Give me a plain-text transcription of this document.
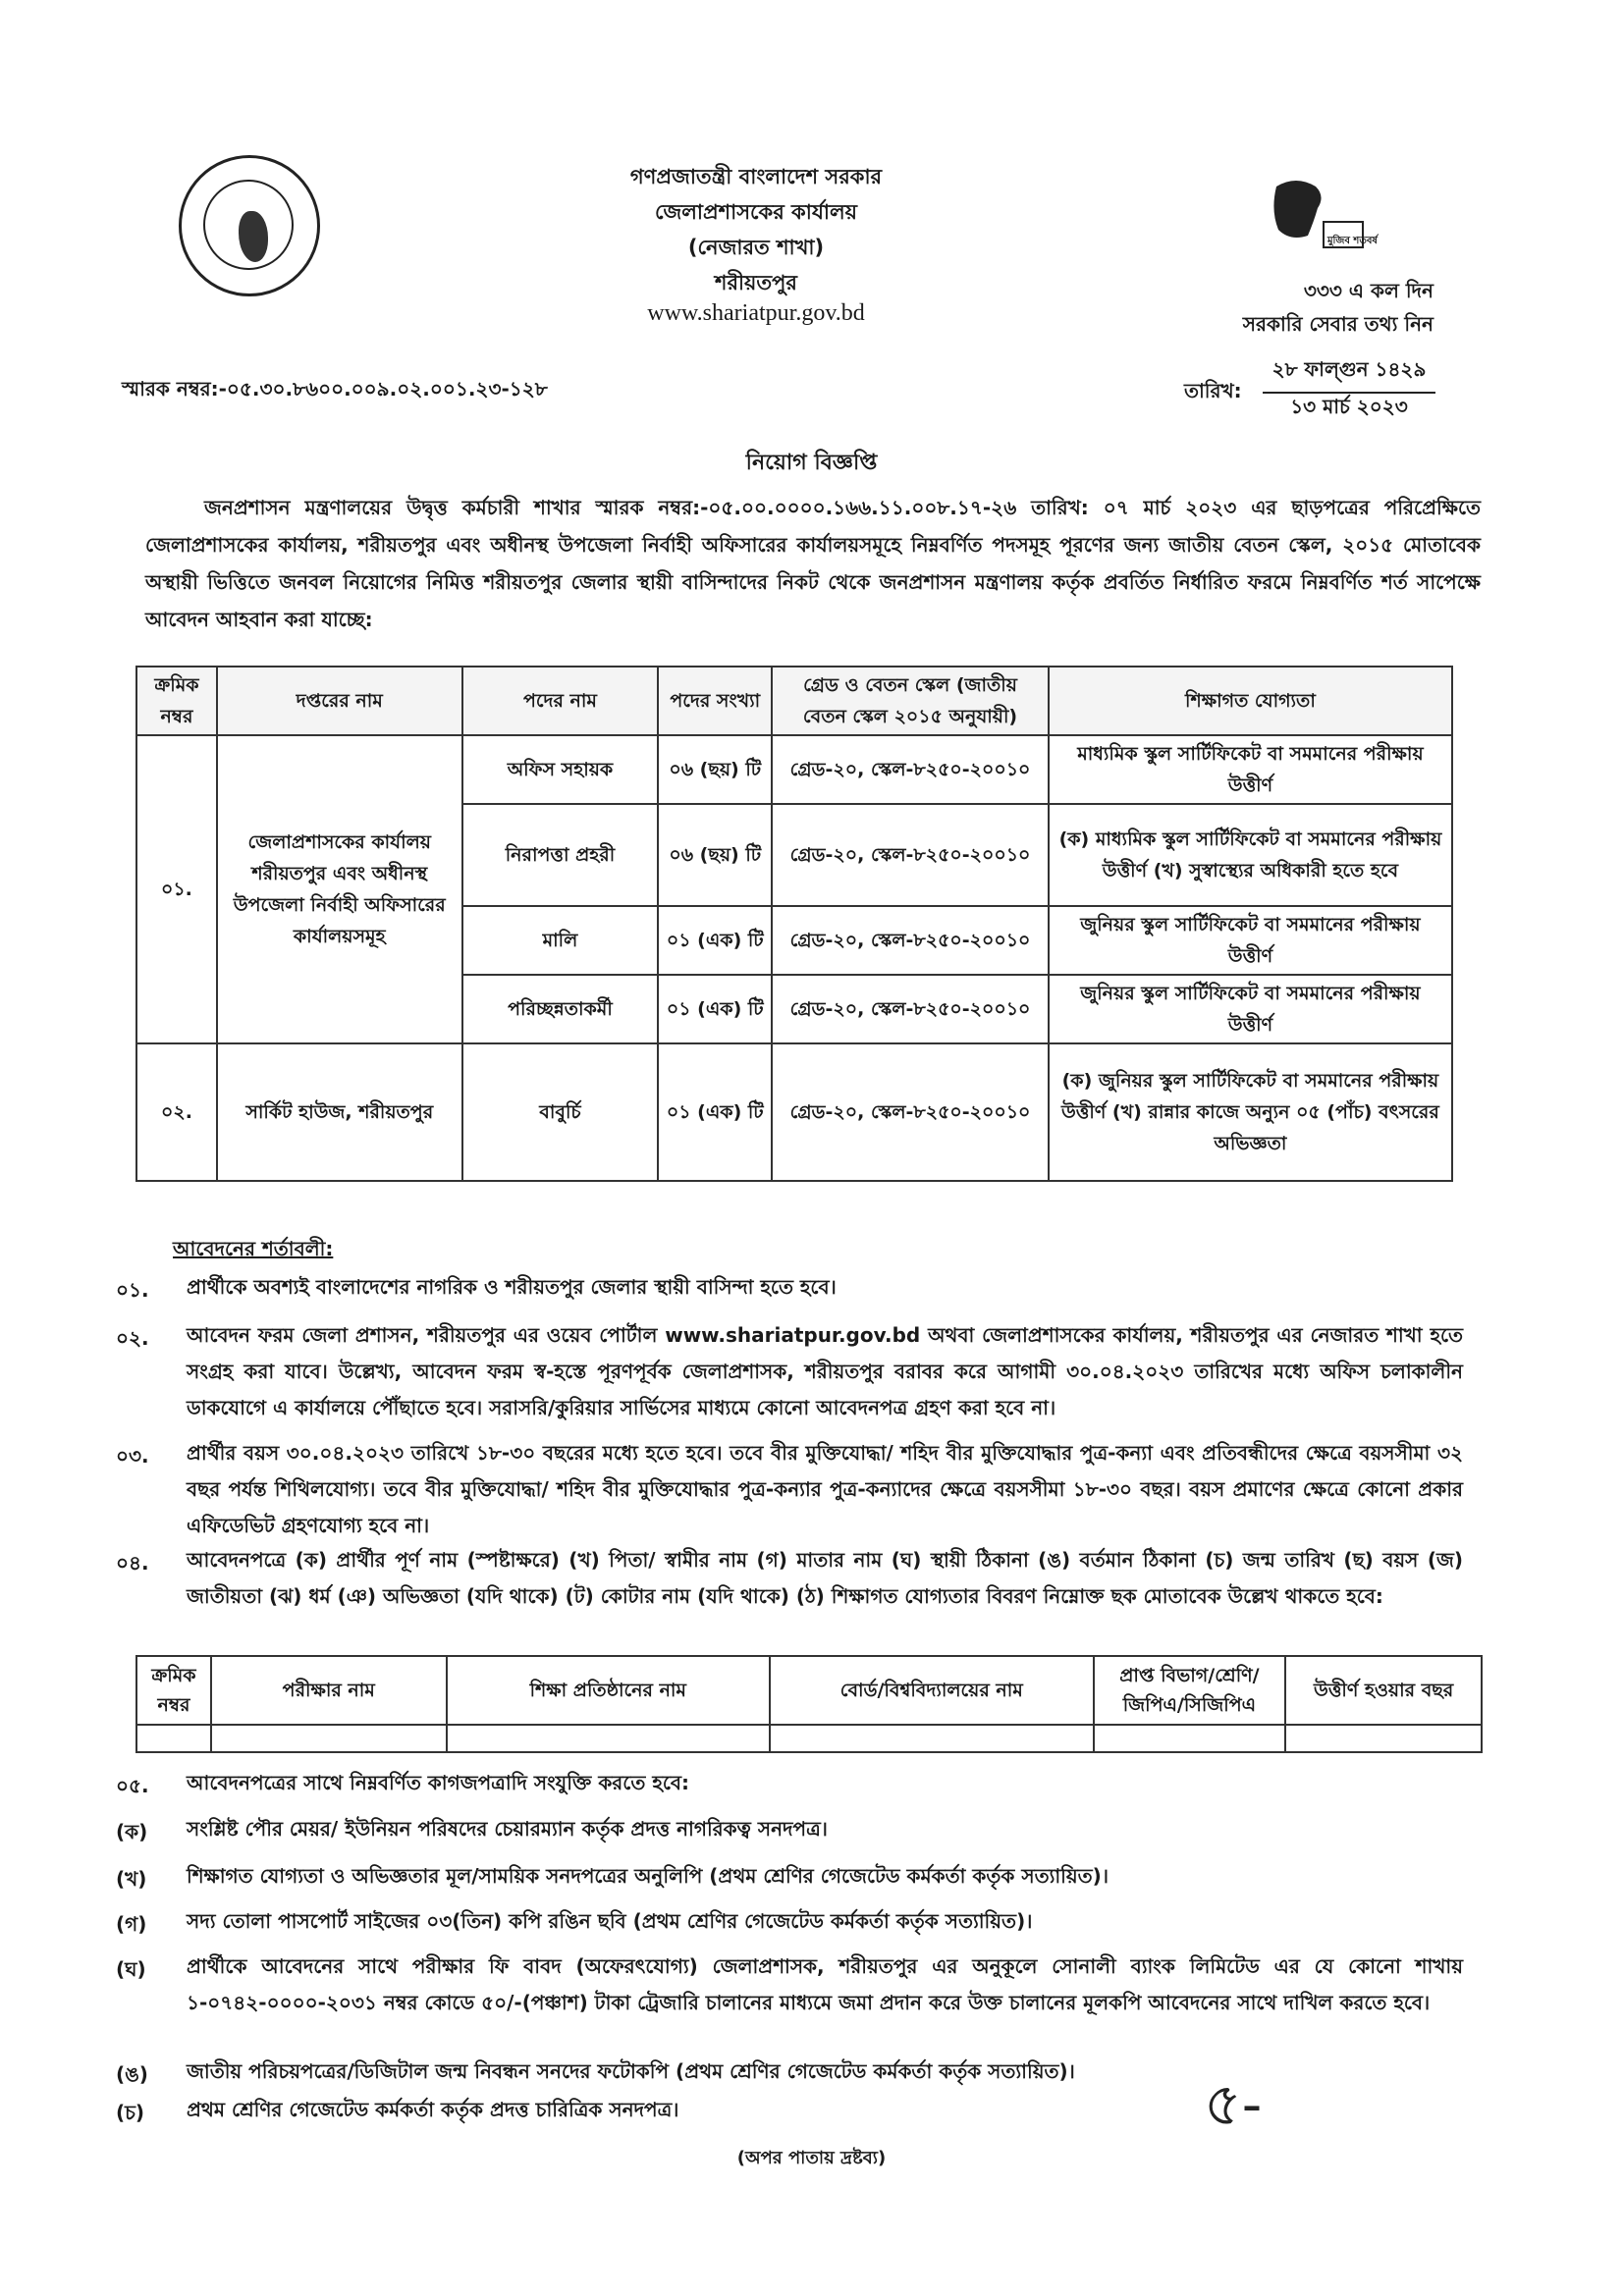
মুজিব শতবর্ষ
গণপ্রজাতন্ত্রী বাংলাদেশ সরকার
জেলাপ্রশাসকের কার্যালয়
(নেজারত শাখা)
শরীয়তপুর
www.shariatpur.gov.bd
৩৩৩ এ কল দিন
সরকারি সেবার তথ্য নিন
স্মারক নম্বর:-০৫.৩০.৮৬০০.০০৯.০২.০০১.২৩-১২৮	তারিখ:
২৮ ফাল্গুন ১৪২৯
১৩ মার্চ ২০২৩
নিয়োগ বিজ্ঞপ্তি
জনপ্রশাসন মন্ত্রণালয়ের উদ্বৃত্ত কর্মচারী শাখার স্মারক নম্বর:-০৫.০০.০০০০.১৬৬.১১.০০৮.১৭-২৬ তারিখ: ০৭ মার্চ ২০২৩ এর ছাড়পত্রের পরিপ্রেক্ষিতে জেলাপ্রশাসকের কার্যালয়, শরীয়তপুর এবং অধীনস্থ উপজেলা নির্বাহী অফিসারের কার্যালয়সমূহে নিম্নবর্ণিত পদসমূহ পূরণের জন্য জাতীয় বেতন স্কেল, ২০১৫ মোতাবেক অস্থায়ী ভিত্তিতে জনবল নিয়োগের নিমিত্ত শরীয়তপুর জেলার স্থায়ী বাসিন্দাদের নিকট থেকে জনপ্রশাসন মন্ত্রণালয় কর্তৃক প্রবর্তিত নির্ধারিত ফরমে নিম্নবর্ণিত শর্ত সাপেক্ষে আবেদন আহবান করা যাচ্ছে:
ক্রমিক নম্বর	দপ্তরের নাম	পদের নাম	পদের সংখ্যা	গ্রেড ও বেতন স্কেল (জাতীয় বেতন স্কেল ২০১৫ অনুযায়ী)	শিক্ষাগত যোগ্যতা
০১.	জেলাপ্রশাসকের কার্যালয় শরীয়তপুর এবং অধীনস্থ উপজেলা নির্বাহী অফিসারের কার্যালয়সমূহ	অফিস সহায়ক	০৬ (ছয়) টি	গ্রেড-২০, স্কেল-৮২৫০-২০০১০	মাধ্যমিক স্কুল সার্টিফিকেট বা সমমানের পরীক্ষায় উত্তীর্ণ
		নিরাপত্তা প্রহরী	০৬ (ছয়) টি	গ্রেড-২০, স্কেল-৮২৫০-২০০১০	(ক) মাধ্যমিক স্কুল সার্টিফিকেট বা সমমানের পরীক্ষায় উত্তীর্ণ (খ) সুস্বাস্থ্যের অধিকারী হতে হবে
		মালি	০১ (এক) টি	গ্রেড-২০, স্কেল-৮২৫০-২০০১০	জুনিয়র স্কুল সার্টিফিকেট বা সমমানের পরীক্ষায় উত্তীর্ণ
		পরিচ্ছন্নতাকর্মী	০১ (এক) টি	গ্রেড-২০, স্কেল-৮২৫০-২০০১০	জুনিয়র স্কুল সার্টিফিকেট বা সমমানের পরীক্ষায় উত্তীর্ণ
০২.	সার্কিট হাউজ, শরীয়তপুর	বাবুর্চি	০১ (এক) টি	গ্রেড-২০, স্কেল-৮২৫০-২০০১০	(ক) জুনিয়র স্কুল সার্টিফিকেট বা সমমানের পরীক্ষায় উত্তীর্ণ (খ) রান্নার কাজে অন্যুন ০৫ (পাঁচ) বৎসরের অভিজ্ঞতা
আবেদনের শর্তাবলী:
০১. প্রার্থীকে অবশ্যই বাংলাদেশের নাগরিক ও শরীয়তপুর জেলার স্থায়ী বাসিন্দা হতে হবে।
০২. আবেদন ফরম জেলা প্রশাসন, শরীয়তপুর এর ওয়েব পোর্টাল www.shariatpur.gov.bd অথবা জেলাপ্রশাসকের কার্যালয়, শরীয়তপুর এর নেজারত শাখা হতে সংগ্রহ করা যাবে। উল্লেখ্য, আবেদন ফরম স্ব-হস্তে পূরণপূর্বক জেলাপ্রশাসক, শরীয়তপুর বরাবর করে আগামী ৩০.০৪.২০২৩ তারিখের মধ্যে অফিস চলাকালীন ডাকযোগে এ কার্যালয়ে পৌঁছাতে হবে। সরাসরি/কুরিয়ার সার্ভিসের মাধ্যমে কোনো আবেদনপত্র গ্রহণ করা হবে না।
০৩. প্রার্থীর বয়স ৩০.০৪.২০২৩ তারিখে ১৮-৩০ বছরের মধ্যে হতে হবে। তবে বীর মুক্তিযোদ্ধা/ শহিদ বীর মুক্তিযোদ্ধার পুত্র-কন্যা এবং প্রতিবন্ধীদের ক্ষেত্রে বয়সসীমা ৩২ বছর পর্যন্ত শিথিলযোগ্য। তবে বীর মুক্তিযোদ্ধা/ শহিদ বীর মুক্তিযোদ্ধার পুত্র-কন্যার পুত্র-কন্যাদের ক্ষেত্রে বয়সসীমা ১৮-৩০ বছর। বয়স প্রমাণের ক্ষেত্রে কোনো প্রকার এফিডেভিট গ্রহণযোগ্য হবে না।
০৪. আবেদনপত্রে (ক) প্রার্থীর পূর্ণ নাম (স্পষ্টাক্ষরে) (খ) পিতা/ স্বামীর নাম (গ) মাতার নাম (ঘ) স্থায়ী ঠিকানা (ঙ) বর্তমান ঠিকানা (চ) জন্ম তারিখ (ছ) বয়স (জ) জাতীয়তা (ঝ) ধর্ম (ঞ) অভিজ্ঞতা (যদি থাকে) (ট) কোটার নাম (যদি থাকে) (ঠ) শিক্ষাগত যোগ্যতার বিবরণ নিম্নোক্ত ছক মোতাবেক উল্লেখ থাকতে হবে:
ক্রমিক নম্বর	পরীক্ষার নাম	শিক্ষা প্রতিষ্ঠানের নাম	বোর্ড/বিশ্ববিদ্যালয়ের নাম	প্রাপ্ত বিভাগ/শ্রেণি/ জিপিএ/সিজিপিএ	উত্তীর্ণ হওয়ার বছর

০৫. আবেদনপত্রের সাথে নিম্নবর্ণিত কাগজপত্রাদি সংযুক্তি করতে হবে:
(ক) সংশ্লিষ্ট পৌর মেয়র/ ইউনিয়ন পরিষদের চেয়ারম্যান কর্তৃক প্রদত্ত নাগরিকত্ব সনদপত্র।
(খ) শিক্ষাগত যোগ্যতা ও অভিজ্ঞতার মূল/সাময়িক সনদপত্রের অনুলিপি (প্রথম শ্রেণির গেজেটেড কর্মকর্তা কর্তৃক সত্যায়িত)।
(গ) সদ্য তোলা পাসপোর্ট সাইজের ০৩(তিন) কপি রঙিন ছবি (প্রথম শ্রেণির গেজেটেড কর্মকর্তা কর্তৃক সত্যায়িত)।
(ঘ) প্রার্থীকে আবেদনের সাথে পরীক্ষার ফি বাবদ (অফেরৎযোগ্য) জেলাপ্রশাসক, শরীয়তপুর এর অনুকূলে সোনালী ব্যাংক লিমিটেড এর যে কোনো শাখায় ১-০৭৪২-০০০০-২০৩১ নম্বর কোডে ৫০/-(পঞ্চাশ) টাকা ট্রেজারি চালানের মাধ্যমে জমা প্রদান করে উক্ত চালানের মূলকপি আবেদনের সাথে দাখিল করতে হবে।
(ঙ) জাতীয় পরিচয়পত্রের/ডিজিটাল জন্ম নিবন্ধন সনদের ফটোকপি (প্রথম শ্রেণির গেজেটেড কর্মকর্তা কর্তৃক সত্যায়িত)।
(চ) প্রথম শ্রেণির গেজেটেড কর্মকর্তা কর্তৃক প্রদত্ত চারিত্রিক সনদপত্র।	৫-
(অপর পাতায় দ্রষ্টব্য)
